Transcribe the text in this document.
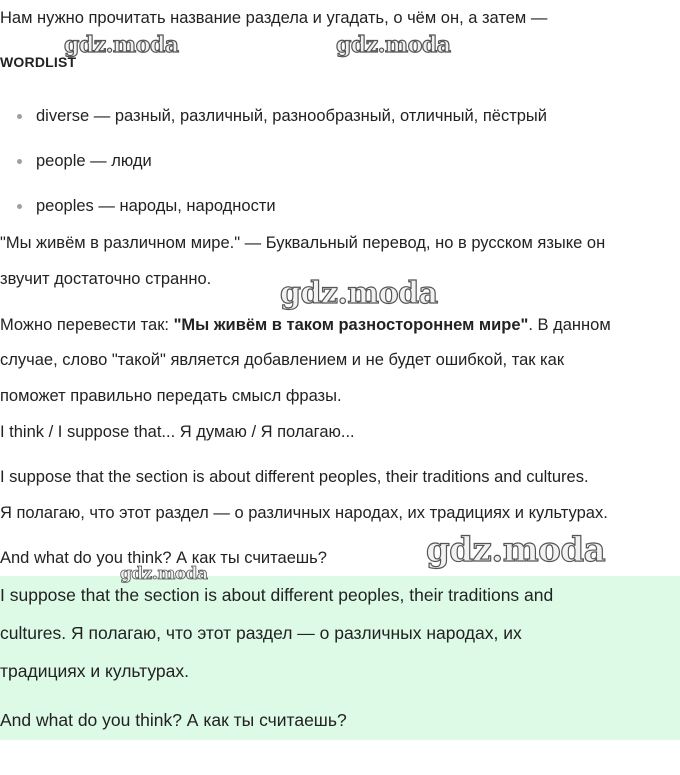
Нам нужно прочитать название раздела и угадать, о чём он, а затем —

WORDLIST

diverse — разный, различный, разнообразный, отличный, пёстрый
people — люди
peoples — народы, народности

"Мы живём в различном мире." — Буквальный перевод, но в русском языке он

звучит достаточно странно.

Можно перевести так: "Мы живём в таком разностороннем мире". В данном

случае, слово "такой" является добавлением и не будет ошибкой, так как

поможет правильно передать смысл фразы.

I think / I suppose that... Я думаю / Я полагаю...

I suppose that the section is about different peoples, their traditions and cultures.

Я полагаю, что этот раздел — о различных народах, их традициях и культурах.

And what do you think? А как ты считаешь?

I suppose that the section is about different peoples, their traditions and

cultures. Я полагаю, что этот раздел — о различных народах, их

традициях и культурах.

And what do you think? А как ты считаешь?

gdz.moda	gdz.moda
gdz.moda
gdz.moda
gdz.moda
